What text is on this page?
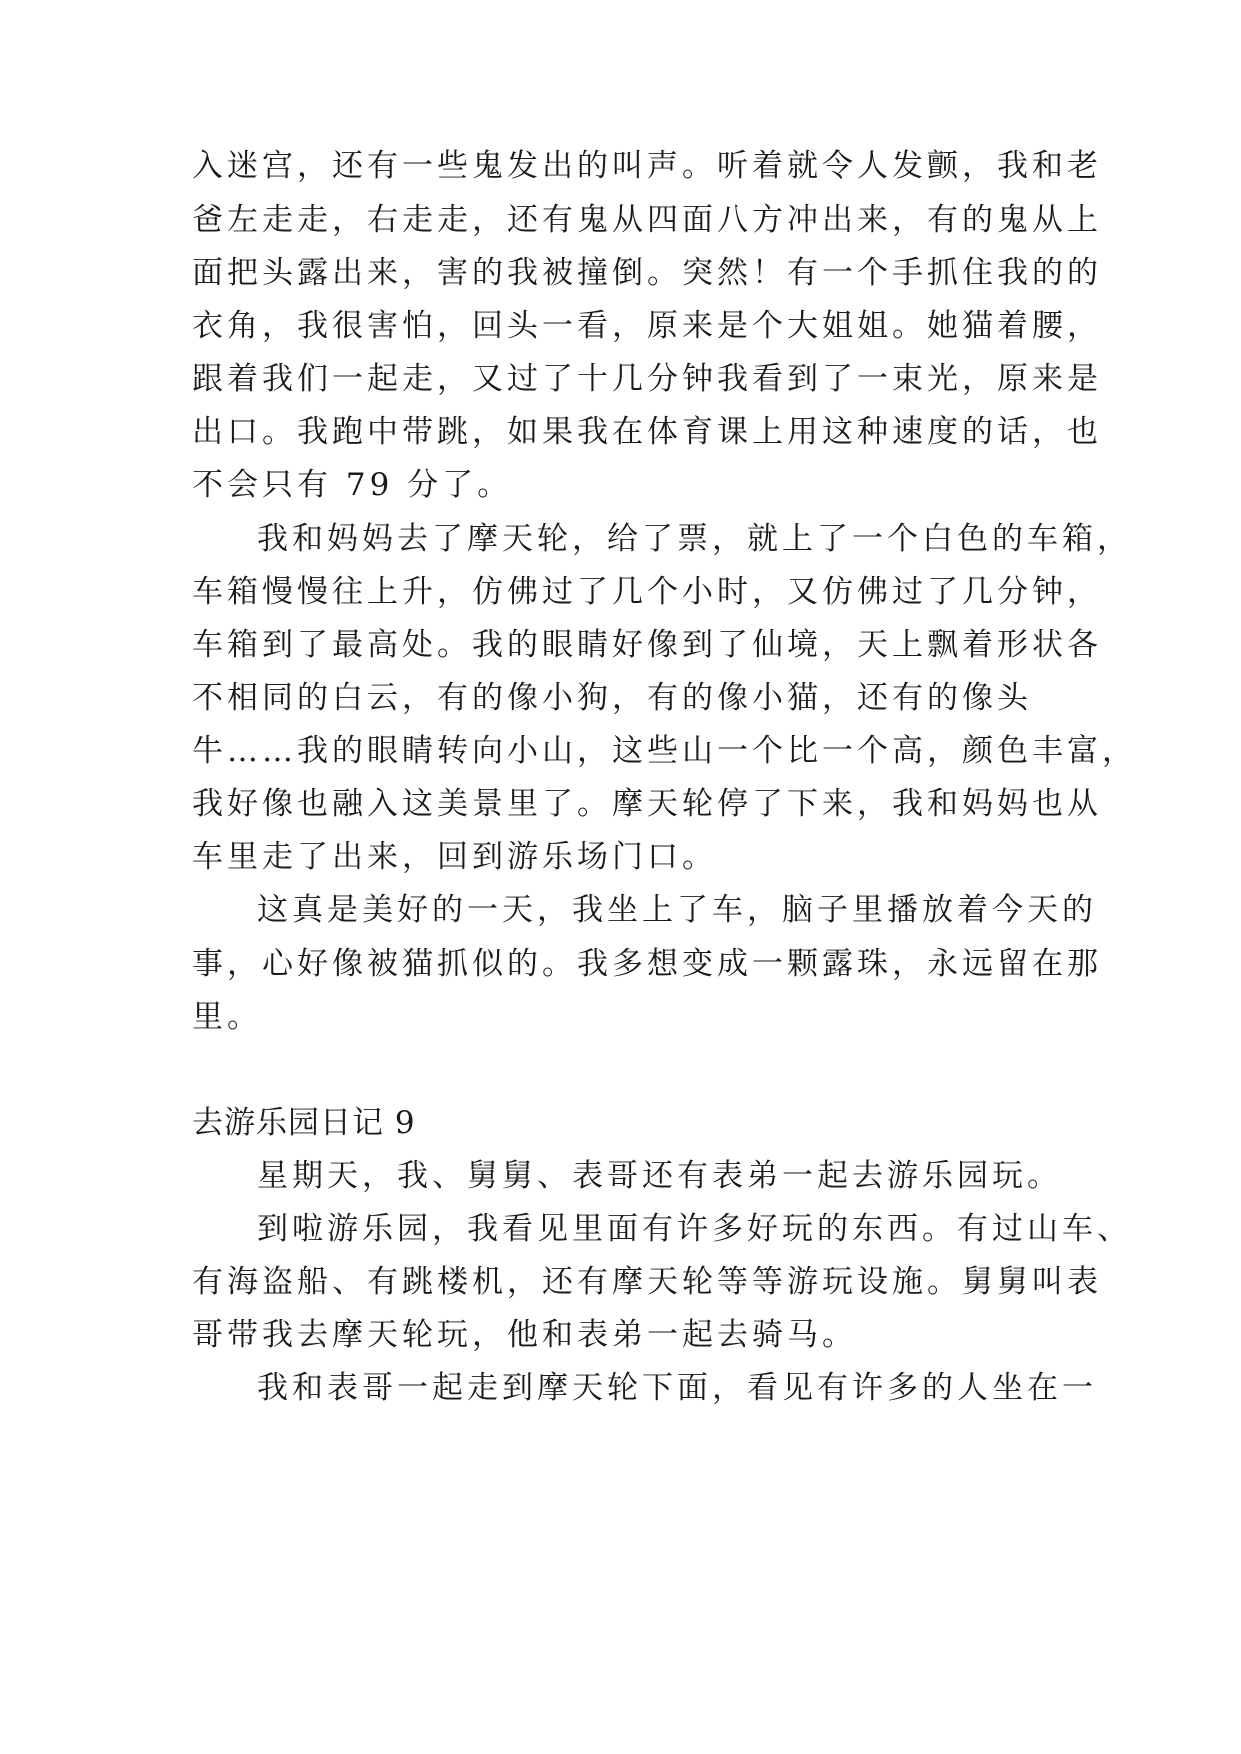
入迷宫，还有一些鬼发出的叫声。听着就令人发颤，我和老
爸左走走，右走走，还有鬼从四面八方冲出来，有的鬼从上
面把头露出来，害的我被撞倒。突然！有一个手抓住我的的
衣角，我很害怕，回头一看，原来是个大姐姐。她猫着腰，
跟着我们一起走，又过了十几分钟我看到了一束光，原来是
出口。我跑中带跳，如果我在体育课上用这种速度的话，也
不会只有 79 分了。
我和妈妈去了摩天轮，给了票，就上了一个白色的车箱，
车箱慢慢往上升，仿佛过了几个小时，又仿佛过了几分钟，
车箱到了最高处。我的眼睛好像到了仙境，天上飘着形状各
不相同的白云，有的像小狗，有的像小猫，还有的像头
牛……我的眼睛转向小山，这些山一个比一个高，颜色丰富，
我好像也融入这美景里了。摩天轮停了下来，我和妈妈也从
车里走了出来，回到游乐场门口。
这真是美好的一天，我坐上了车，脑子里播放着今天的
事，心好像被猫抓似的。我多想变成一颗露珠，永远留在那
里。
去游乐园日记 9
星期天，我、舅舅、表哥还有表弟一起去游乐园玩。
到啦游乐园，我看见里面有许多好玩的东西。有过山车、
有海盗船、有跳楼机，还有摩天轮等等游玩设施。舅舅叫表
哥带我去摩天轮玩，他和表弟一起去骑马。
我和表哥一起走到摩天轮下面，看见有许多的人坐在一
